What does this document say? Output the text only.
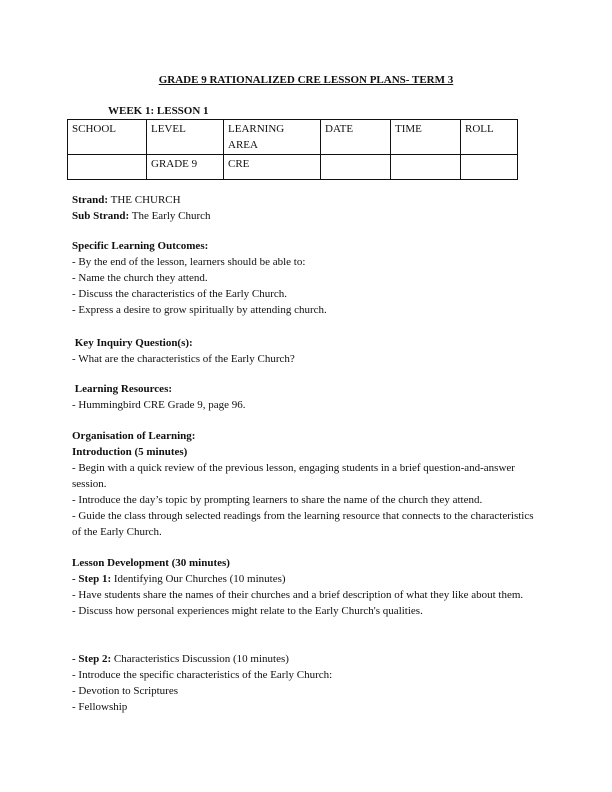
GRADE 9 RATIONALIZED CRE LESSON PLANS- TERM 3
WEEK 1: LESSON 1
SCHOOL	LEVEL	LEARNING AREA	DATE	TIME	ROLL
	GRADE 9	CRE			
Strand: THE CHURCH
Sub Strand: The Early Church
Specific Learning Outcomes:
- By the end of the lesson, learners should be able to:
- Name the church they attend.
- Discuss the characteristics of the Early Church.
- Express a desire to grow spiritually by attending church.
Key Inquiry Question(s):
- What are the characteristics of the Early Church?
Learning Resources:
- Hummingbird CRE Grade 9, page 96.
Organisation of Learning:
Introduction (5 minutes)
- Begin with a quick review of the previous lesson, engaging students in a brief question-and-answer session.
- Introduce the day’s topic by prompting learners to share the name of the church they attend.
- Guide the class through selected readings from the learning resource that connects to the characteristics of the Early Church.
Lesson Development (30 minutes)
- Step 1: Identifying Our Churches (10 minutes)
- Have students share the names of their churches and a brief description of what they like about them.
- Discuss how personal experiences might relate to the Early Church's qualities.
- Step 2: Characteristics Discussion (10 minutes)
- Introduce the specific characteristics of the Early Church:
- Devotion to Scriptures
- Fellowship
